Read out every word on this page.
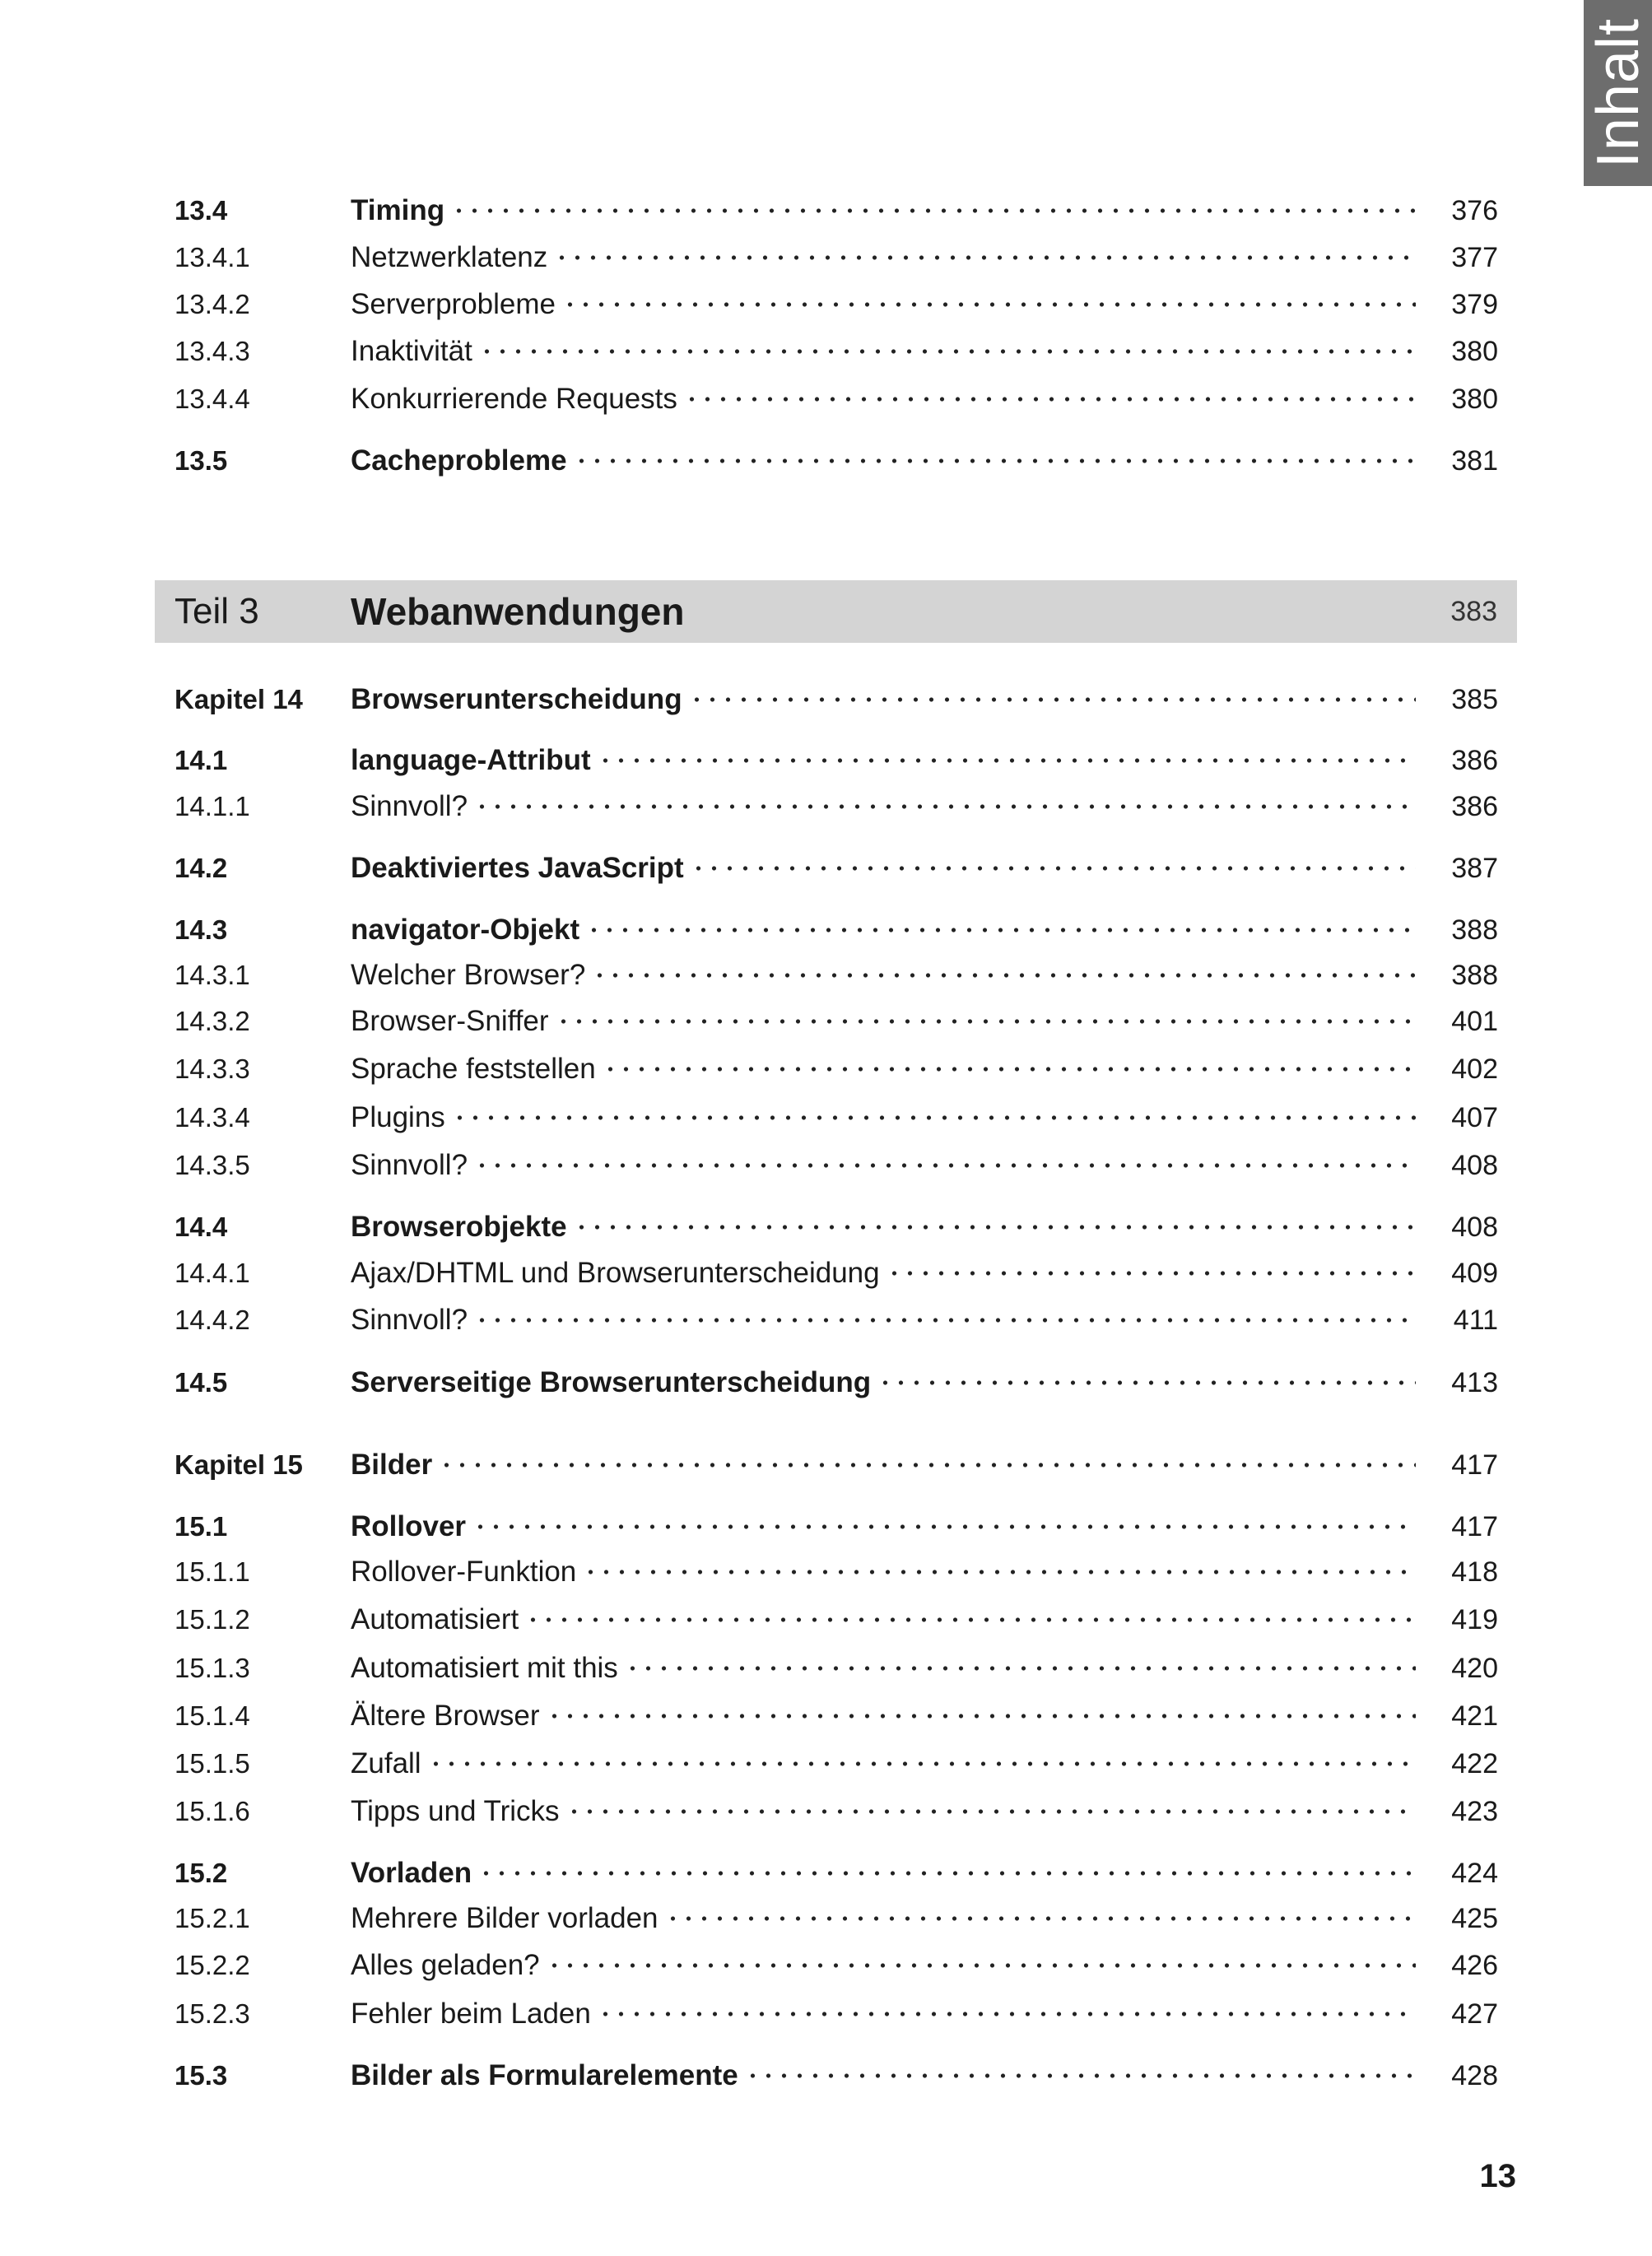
Inhalt
13.4	Timing	376
13.4.1	Netzwerklatenz	377
13.4.2	Serverprobleme	379
13.4.3	Inaktivität	380
13.4.4	Konkurrierende Requests	380
13.5	Cacheprobleme	381
Teil 3	Webanwendungen	383
Kapitel 14	Browserunterscheidung	385
14.1	language-Attribut	386
14.1.1	Sinnvoll?	386
14.2	Deaktiviertes JavaScript	387
14.3	navigator-Objekt	388
14.3.1	Welcher Browser?	388
14.3.2	Browser-Sniffer	401
14.3.3	Sprache feststellen	402
14.3.4	Plugins	407
14.3.5	Sinnvoll?	408
14.4	Browserobjekte	408
14.4.1	Ajax/DHTML und Browserunterscheidung	409
14.4.2	Sinnvoll?	411
14.5	Serverseitige Browserunterscheidung	413
Kapitel 15	Bilder	417
15.1	Rollover	417
15.1.1	Rollover-Funktion	418
15.1.2	Automatisiert	419
15.1.3	Automatisiert mit this	420
15.1.4	Ältere Browser	421
15.1.5	Zufall	422
15.1.6	Tipps und Tricks	423
15.2	Vorladen	424
15.2.1	Mehrere Bilder vorladen	425
15.2.2	Alles geladen?	426
15.2.3	Fehler beim Laden	427
15.3	Bilder als Formularelemente	428
13
